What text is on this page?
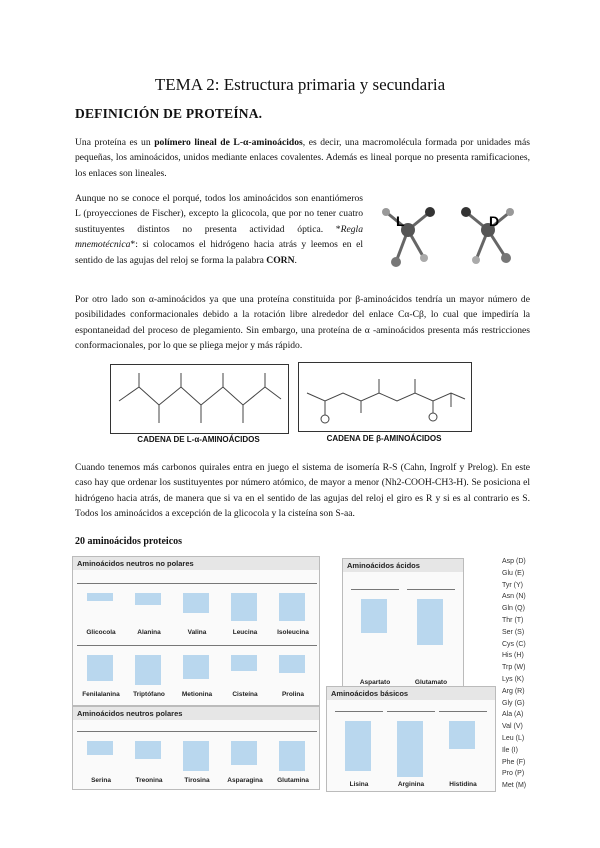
TEMA 2: Estructura primaria y secundaria
DEFINICIÓN DE PROTEÍNA.
Una proteína es un polímero lineal de L-α-aminoácidos, es decir, una macromolécula formada por unidades más pequeñas, los aminoácidos, unidos mediante enlaces covalentes. Además es lineal porque no presenta ramificaciones, los enlaces son lineales.
Aunque no se conoce el porqué, todos los aminoácidos son enantiómeros L (proyecciones de Fischer), excepto la glicocola, que por no tener cuatro sustituyentes distintos no presenta actividad óptica. *Regla mnemotécnica*: si colocamos el hidrógeno hacia atrás y leemos en el sentido de las agujas del reloj se forma la palabra CORN.
L	D
Por otro lado son α-aminoácidos ya que una proteína constituida por β-aminoácidos tendría un mayor número de posibilidades conformacionales debido a la rotación libre alrededor del enlace Cα-Cβ, lo cual que impediría la espontaneidad del proceso de plegamiento. Sin embargo, una proteína de α -aminoácidos presenta más restricciones conformacionales, por lo que se pliega mejor y más rápido.
CADENA DE L-α-AMINOÁCIDOS	CADENA DE β-AMINOÁCIDOS
Cuando tenemos más carbonos quirales entra en juego el sistema de isomería R-S (Cahn, Ingrolf y Prelog). En este caso hay que ordenar los sustituyentes por número atómico, de mayor a menor (Nh2-COOH-CH3-H). Se posiciona el hidrógeno hacia atrás, de manera que si va en el sentido de las agujas del reloj el giro es R y si es al contrario es S. Todos los aminoácidos a excepción de la glicocola y la cisteína son S-aa.
20 aminoácidos proteicos
Aminoácidos neutros no polares
Glicocola	Alanina	Valina	Leucina	Isoleucina
Fenilalanina	Triptófano	Metionina	Cisteína	Prolina
Aminoácidos neutros polares
Serina	Treonina	Tirosina	Asparagina	Glutamina
Aminoácidos ácidos
Aspartato	Glutamato
Aminoácidos básicos
Lisina	Arginina	Histidina
Asp (D)
Glu (E)
Tyr (Y)
Asn (N)
Gln (Q)
Thr (T)
Ser (S)
Cys (C)
His (H)
Trp (W)
Lys (K)
Arg (R)
Gly (G)
Ala (A)
Val (V)
Leu (L)
Ile (I)
Phe (F)
Pro (P)
Met (M)
